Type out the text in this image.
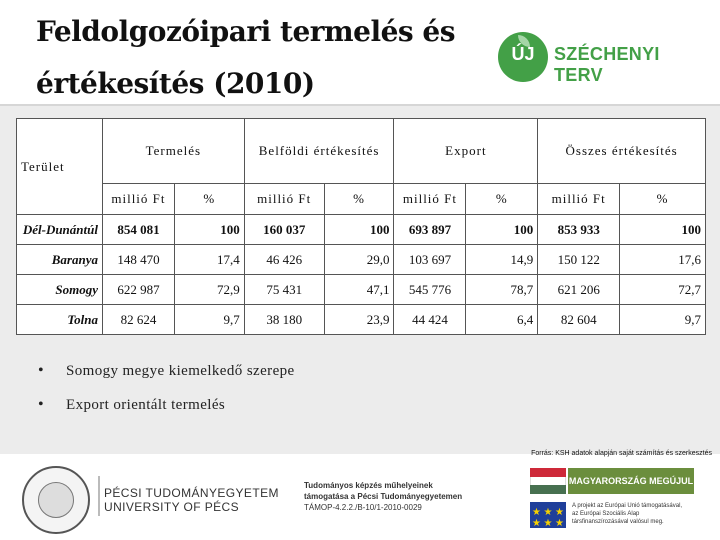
Feldolgozóipari termelés és
értékesítés (2010)
ÚJ	SZÉCHENYI TERV
Terület	Termelés		Belföldi értékesítés		Export		Összes értékesítés	
	millió Ft	%	millió Ft	%	millió Ft	%	millió Ft	%
Dél-Dunántúl	854 081	100	160 037	100	693 897	100	853 933	100
Baranya	148 470	17,4	46 426	29,0	103 697	14,9	150 122	17,6
Somogy	622 987	72,9	75 431	47,1	545 776	78,7	621 206	72,7
Tolna	82 624	9,7	38 180	23,9	44 424	6,4	82 604	9,7
• Somogy megye kiemelkedő szerepe
• Export orientált termelés
Forrás: KSH adatok alapján saját számítás és szerkesztés
PÉCSI TUDOMÁNYEGYETEM
UNIVERSITY OF PÉCS
Tudományos képzés műhelyeinek
támogatása a Pécsi Tudományegyetemen
TÁMOP-4.2.2./B-10/1-2010-0029
MAGYARORSZÁG MEGÚJUL
★ ★ ★
★ ★ ★
A projekt az Európai Unió támogatásával,
az Európai Szociális Alap
társfinanszírozásával valósul meg.
